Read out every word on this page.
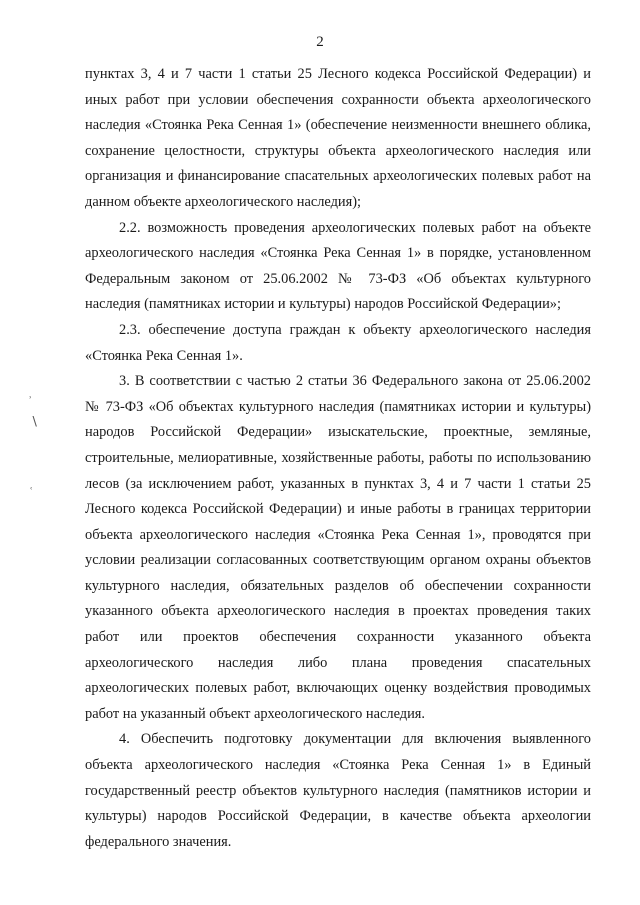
2
ʾ
∖
ʿ

пунктах 3, 4 и 7 части 1 статьи 25 Лесного кодекса Российской Федерации) и иных работ при условии обеспечения сохранности объекта археологического наследия «Стоянка Река Сенная 1» (обеспечение неизменности внешнего облика, сохранение целостности, структуры объекта археологического наследия или организация и финансирование спасательных археологических полевых работ на данном объекте археологического наследия);

2.2. возможность проведения археологических полевых работ на объекте археологического наследия «Стоянка Река Сенная 1» в порядке, установленном Федеральным законом от 25.06.2002 № 73-ФЗ «Об объектах культурного наследия (памятниках истории и культуры) народов Российской Федерации»;

2.3. обеспечение доступа граждан к объекту археологического наследия «Стоянка Река Сенная 1».

3. В соответствии с частью 2 статьи 36 Федерального закона от 25.06.2002 № 73-ФЗ «Об объектах культурного наследия (памятниках истории и культуры) народов Российской Федерации» изыскательские, проектные, земляные, строительные, мелиоративные, хозяйственные работы, работы по использованию лесов (за исключением работ, указанных в пунктах 3, 4 и 7 части 1 статьи 25 Лесного кодекса Российской Федерации) и иные работы в границах территории объекта археологического наследия «Стоянка Река Сенная 1», проводятся при условии реализации согласованных соответствующим органом охраны объектов культурного наследия, обязательных разделов об обеспечении сохранности указанного объекта археологического наследия в проектах проведения таких работ или проектов обеспечения сохранности указанного объекта археологического наследия либо плана проведения спасательных археологических полевых работ, включающих оценку воздействия проводимых работ на указанный объект археологического наследия.

4. Обеспечить подготовку документации для включения выявленного объекта археологического наследия «Стоянка Река Сенная 1» в Единый государственный реестр объектов культурного наследия (памятников истории и культуры) народов Российской Федерации, в качестве объекта археологии федерального значения.
